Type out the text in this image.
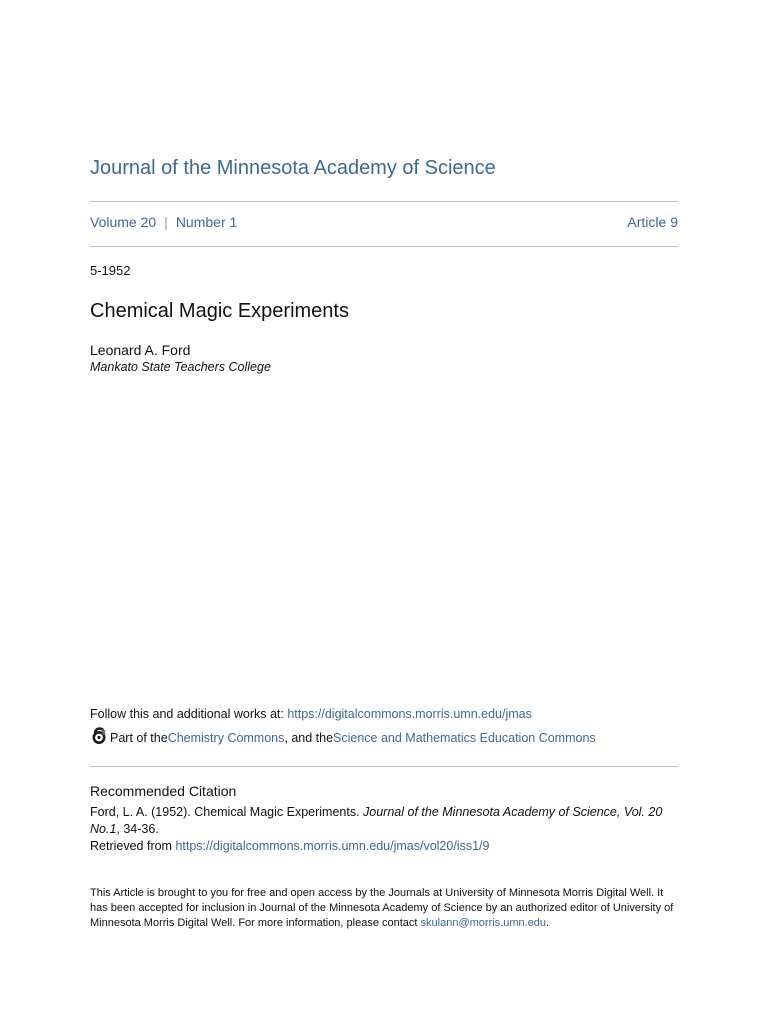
Journal of the Minnesota Academy of Science
Volume 20 | Number 1	Article 9
5-1952
Chemical Magic Experiments
Leonard A. Ford
Mankato State Teachers College
Follow this and additional works at: https://digitalcommons.morris.umn.edu/jmas
Part of the Chemistry Commons , and the Science and Mathematics Education Commons
Recommended Citation
Ford, L. A. (1952). Chemical Magic Experiments. Journal of the Minnesota Academy of Science, Vol. 20 No.1, 34-36.
Retrieved from https://digitalcommons.morris.umn.edu/jmas/vol20/iss1/9
This Article is brought to you for free and open access by the Journals at University of Minnesota Morris Digital Well. It has been accepted for inclusion in Journal of the Minnesota Academy of Science by an authorized editor of University of Minnesota Morris Digital Well. For more information, please contact skulann@morris.umn.edu.
